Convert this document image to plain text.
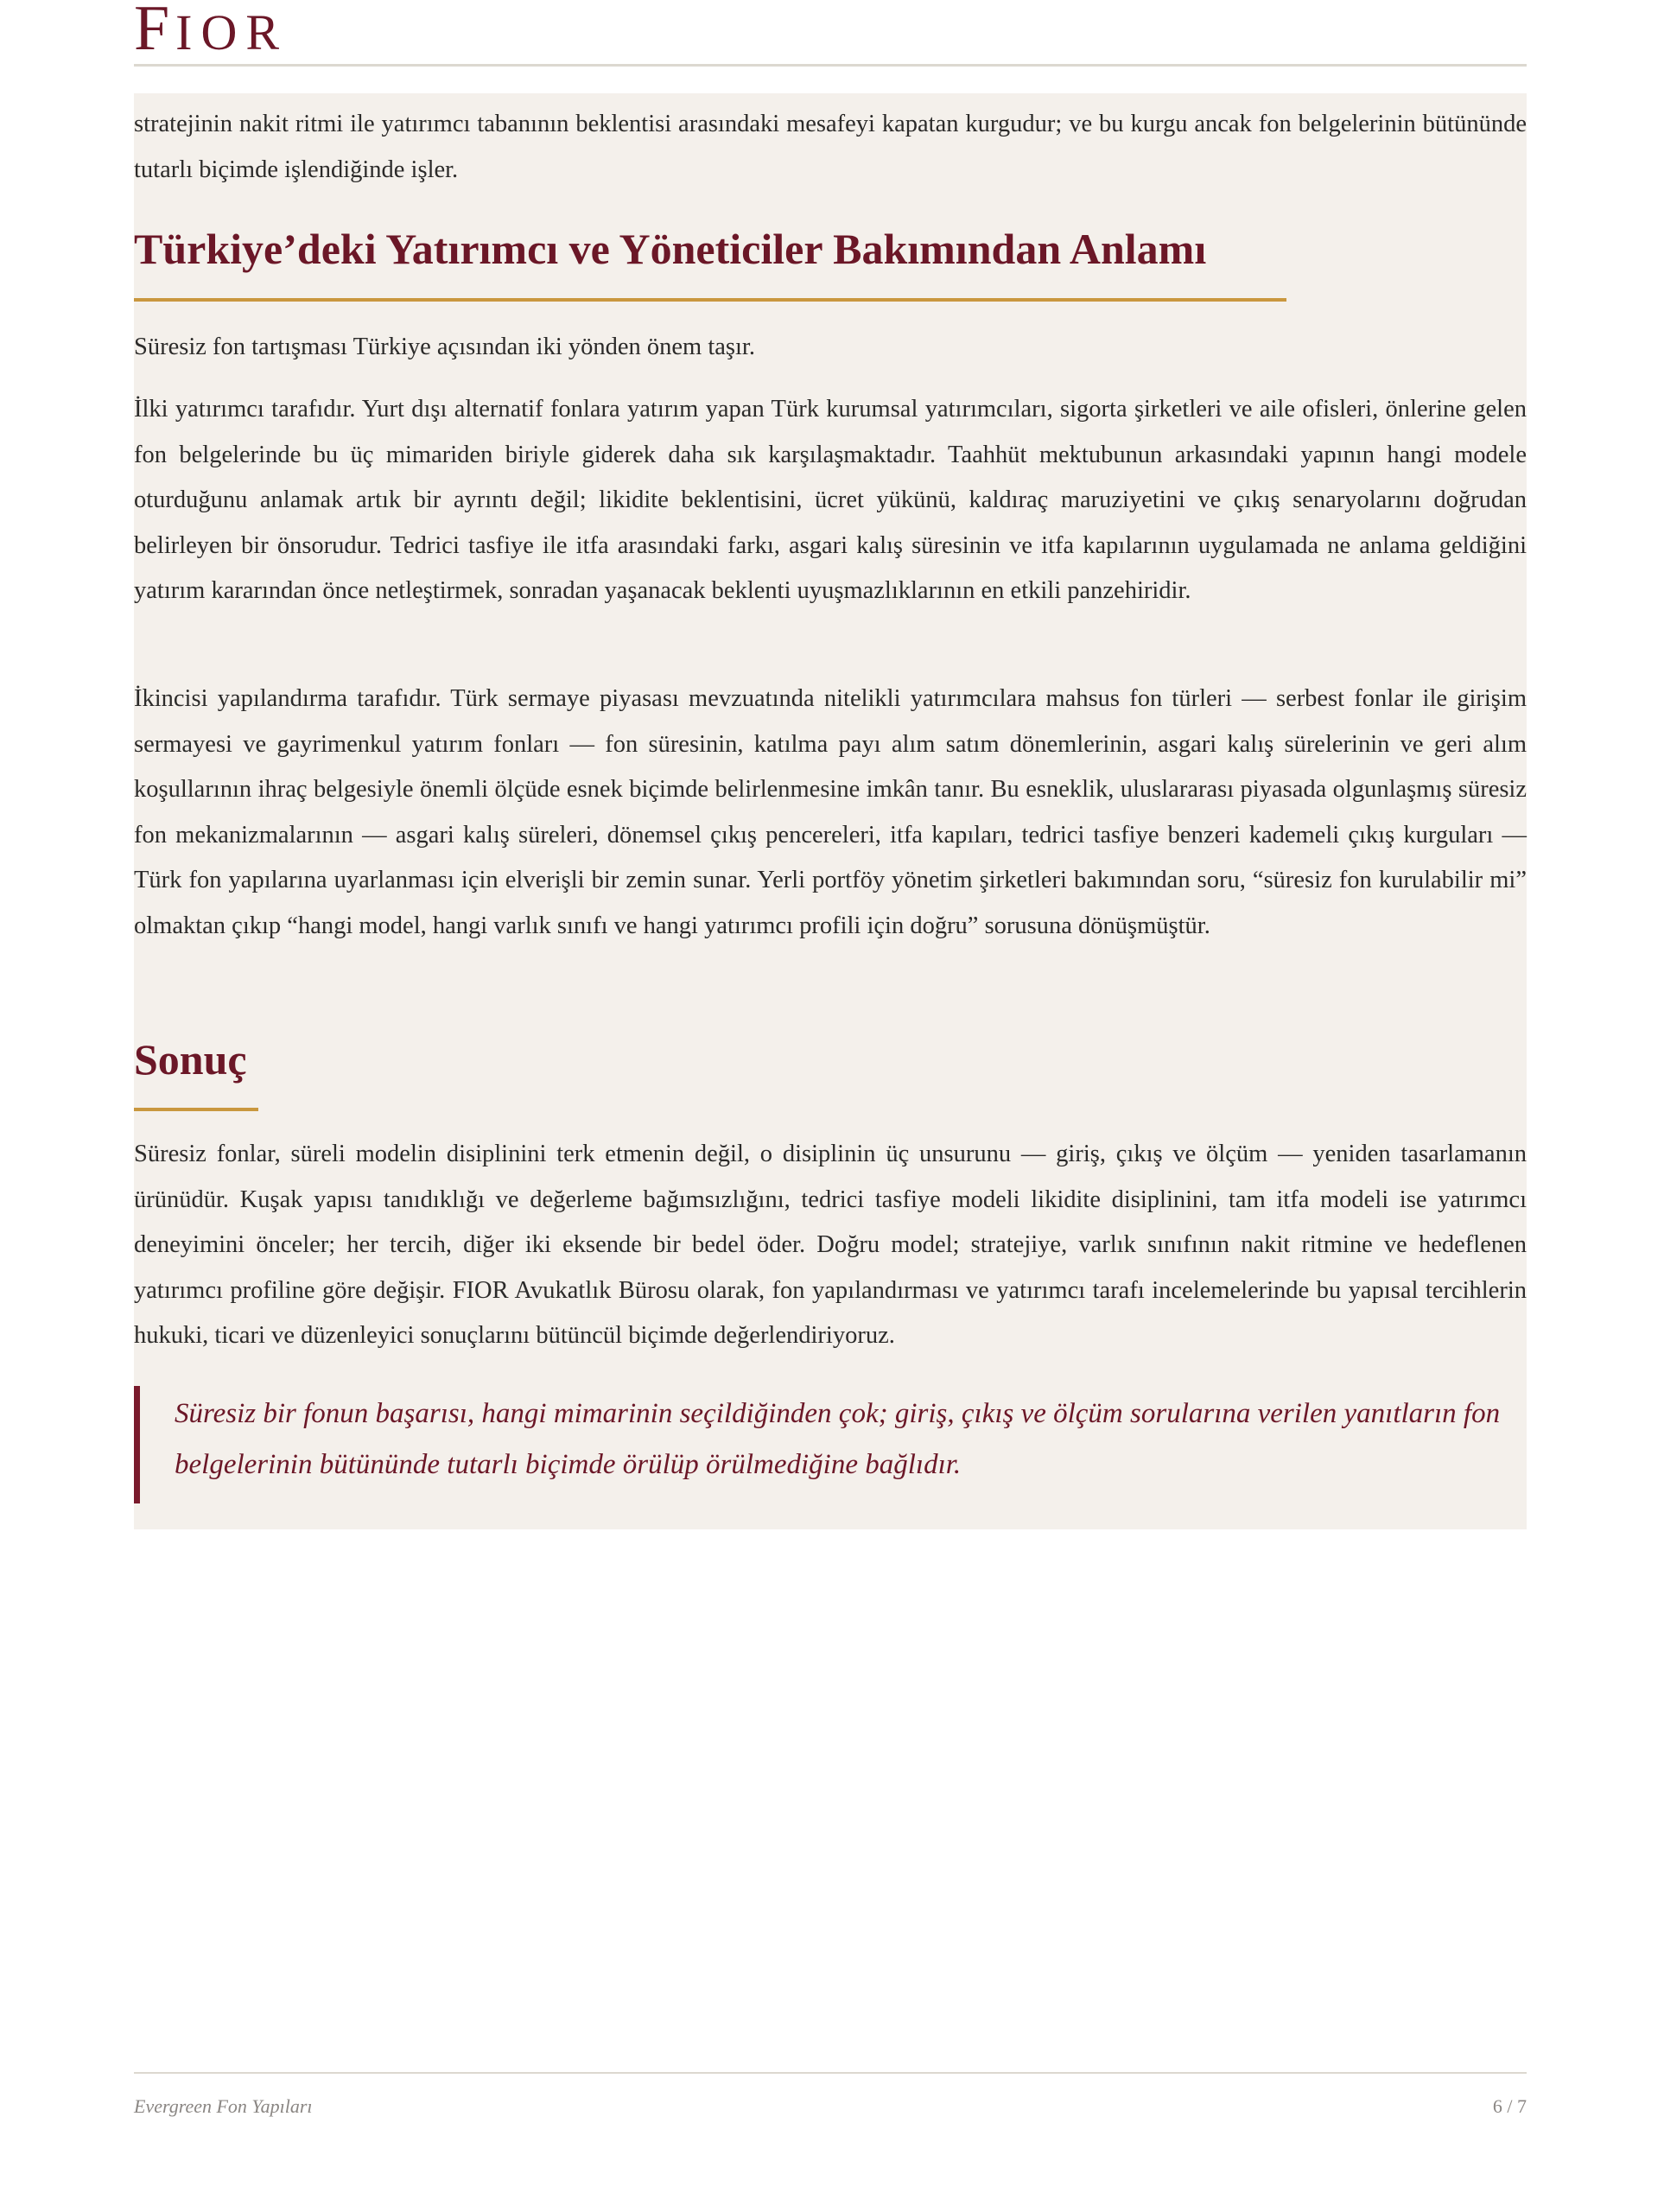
FIOR

stratejinin nakit ritmi ile yatırımcı tabanının beklentisi arasındaki mesafeyi kapatan kurgudur; ve bu kurgu ancak fon belgelerinin bütününde tutarlı biçimde işlendiğinde işler.

Türkiye’deki Yatırımcı ve Yöneticiler Bakımından Anlamı

Süresiz fon tartışması Türkiye açısından iki yönden önem taşır.

İlki yatırımcı tarafıdır. Yurt dışı alternatif fonlara yatırım yapan Türk kurumsal yatırımcıları, sigorta şirketleri ve aile ofisleri, önlerine gelen fon belgelerinde bu üç mimariden biriyle giderek daha sık karşılaşmaktadır. Taahhüt mektubunun arkasındaki yapının hangi modele oturduğunu anlamak artık bir ayrıntı değil; likidite beklentisini, ücret yükünü, kaldıraç maruziyetini ve çıkış senaryolarını doğrudan belirleyen bir önsorudur. Tedrici tasfiye ile itfa arasındaki farkı, asgari kalış süresinin ve itfa kapılarının uygulamada ne anlama geldiğini yatırım kararından önce netleştirmek, sonradan yaşanacak beklenti uyuşmazlıklarının en etkili panzehiridir.

İkincisi yapılandırma tarafıdır. Türk sermaye piyasası mevzuatında nitelikli yatırımcılara mahsus fon türleri — serbest fonlar ile girişim sermayesi ve gayrimenkul yatırım fonları — fon süresinin, katılma payı alım satım dönemlerinin, asgari kalış sürelerinin ve geri alım koşullarının ihraç belgesiyle önemli ölçüde esnek biçimde belirlenmesine imkân tanır. Bu esneklik, uluslararası piyasada olgunlaşmış süresiz fon mekanizmalarının — asgari kalış süreleri, dönemsel çıkış pencereleri, itfa kapıları, tedrici tasfiye benzeri kademeli çıkış kurguları — Türk fon yapılarına uyarlanması için elverişli bir zemin sunar. Yerli portföy yönetim şirketleri bakımından soru, “süresiz fon kurulabilir mi” olmaktan çıkıp “hangi model, hangi varlık sınıfı ve hangi yatırımcı profili için doğru” sorusuna dönüşmüştür.

Sonuç

Süresiz fonlar, süreli modelin disiplinini terk etmenin değil, o disiplinin üç unsurunu — giriş, çıkış ve ölçüm — yeniden tasarlamanın ürünüdür. Kuşak yapısı tanıdıklığı ve değerleme bağımsızlığını, tedrici tasfiye modeli likidite disiplinini, tam itfa modeli ise yatırımcı deneyimini önceler; her tercih, diğer iki eksende bir bedel öder. Doğru model; stratejiye, varlık sınıfının nakit ritmine ve hedeflenen yatırımcı profiline göre değişir. FIOR Avukatlık Bürosu olarak, fon yapılandırması ve yatırımcı tarafı incelemelerinde bu yapısal tercihlerin hukuki, ticari ve düzenleyici sonuçlarını bütüncül biçimde değerlendiriyoruz.

Süresiz bir fonun başarısı, hangi mimarinin seçildiğinden çok; giriş, çıkış ve ölçüm sorularına verilen yanıtların fon belgelerinin bütününde tutarlı biçimde örülüp örülmediğine bağlıdır.

Evergreen Fon Yapıları	6 / 7
